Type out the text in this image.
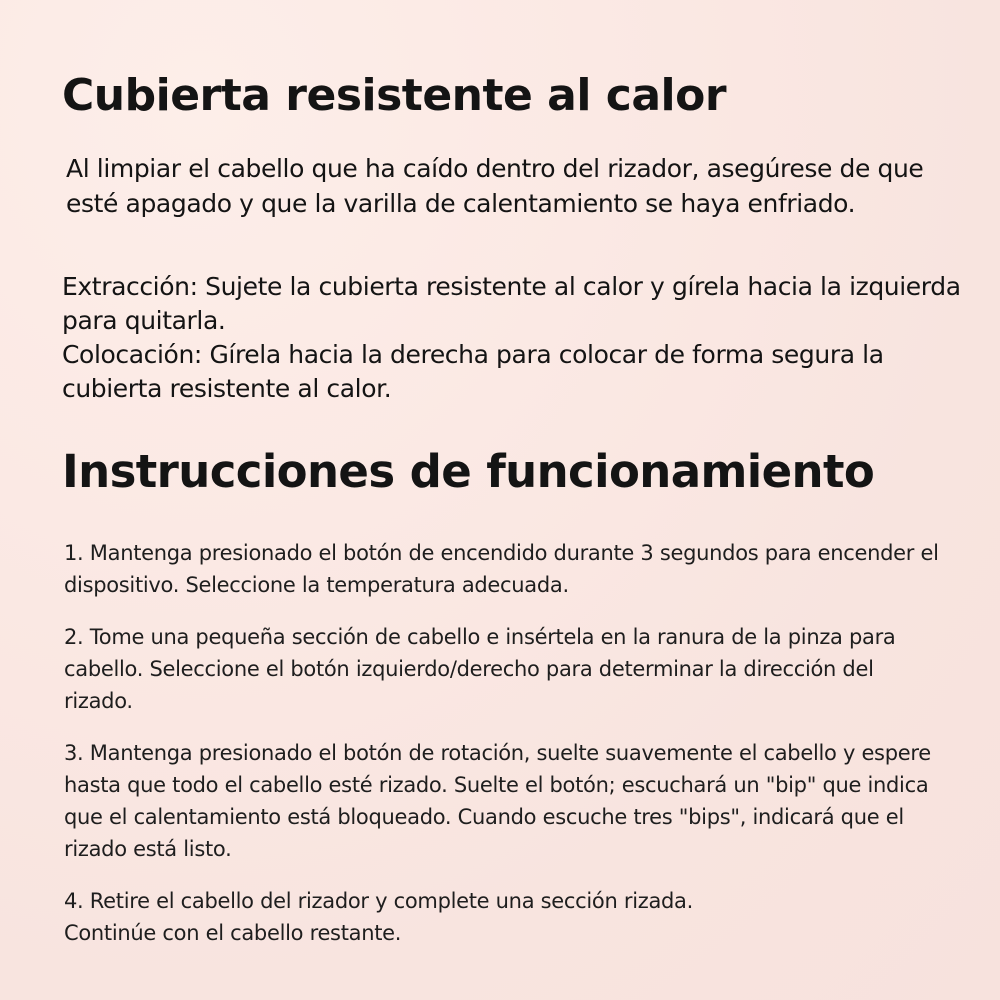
Cubierta resistente al calor

Al limpiar el cabello que ha caído dentro del rizador, asegúrese de que esté apagado y que la varilla de calentamiento se haya enfriado.

Extracción: Sujete la cubierta resistente al calor y gírela hacia la izquierda para quitarla.
Colocación: Gírela hacia la derecha para colocar de forma segura la cubierta resistente al calor.

Instrucciones de funcionamiento
1. Mantenga presionado el botón de encendido durante 3 segundos para encender el dispositivo. Seleccione la temperatura adecuada.
2. Tome una pequeña sección de cabello e insértela en la ranura de la pinza para cabello. Seleccione el botón izquierdo/derecho para determinar la dirección del rizado.
3. Mantenga presionado el botón de rotación, suelte suavemente el cabello y espere hasta que todo el cabello esté rizado. Suelte el botón; escuchará un "bip" que indica que el calentamiento está bloqueado. Cuando escuche tres "bips", indicará que el rizado está listo.
4. Retire el cabello del rizador y complete una sección rizada.
Continúe con el cabello restante.
